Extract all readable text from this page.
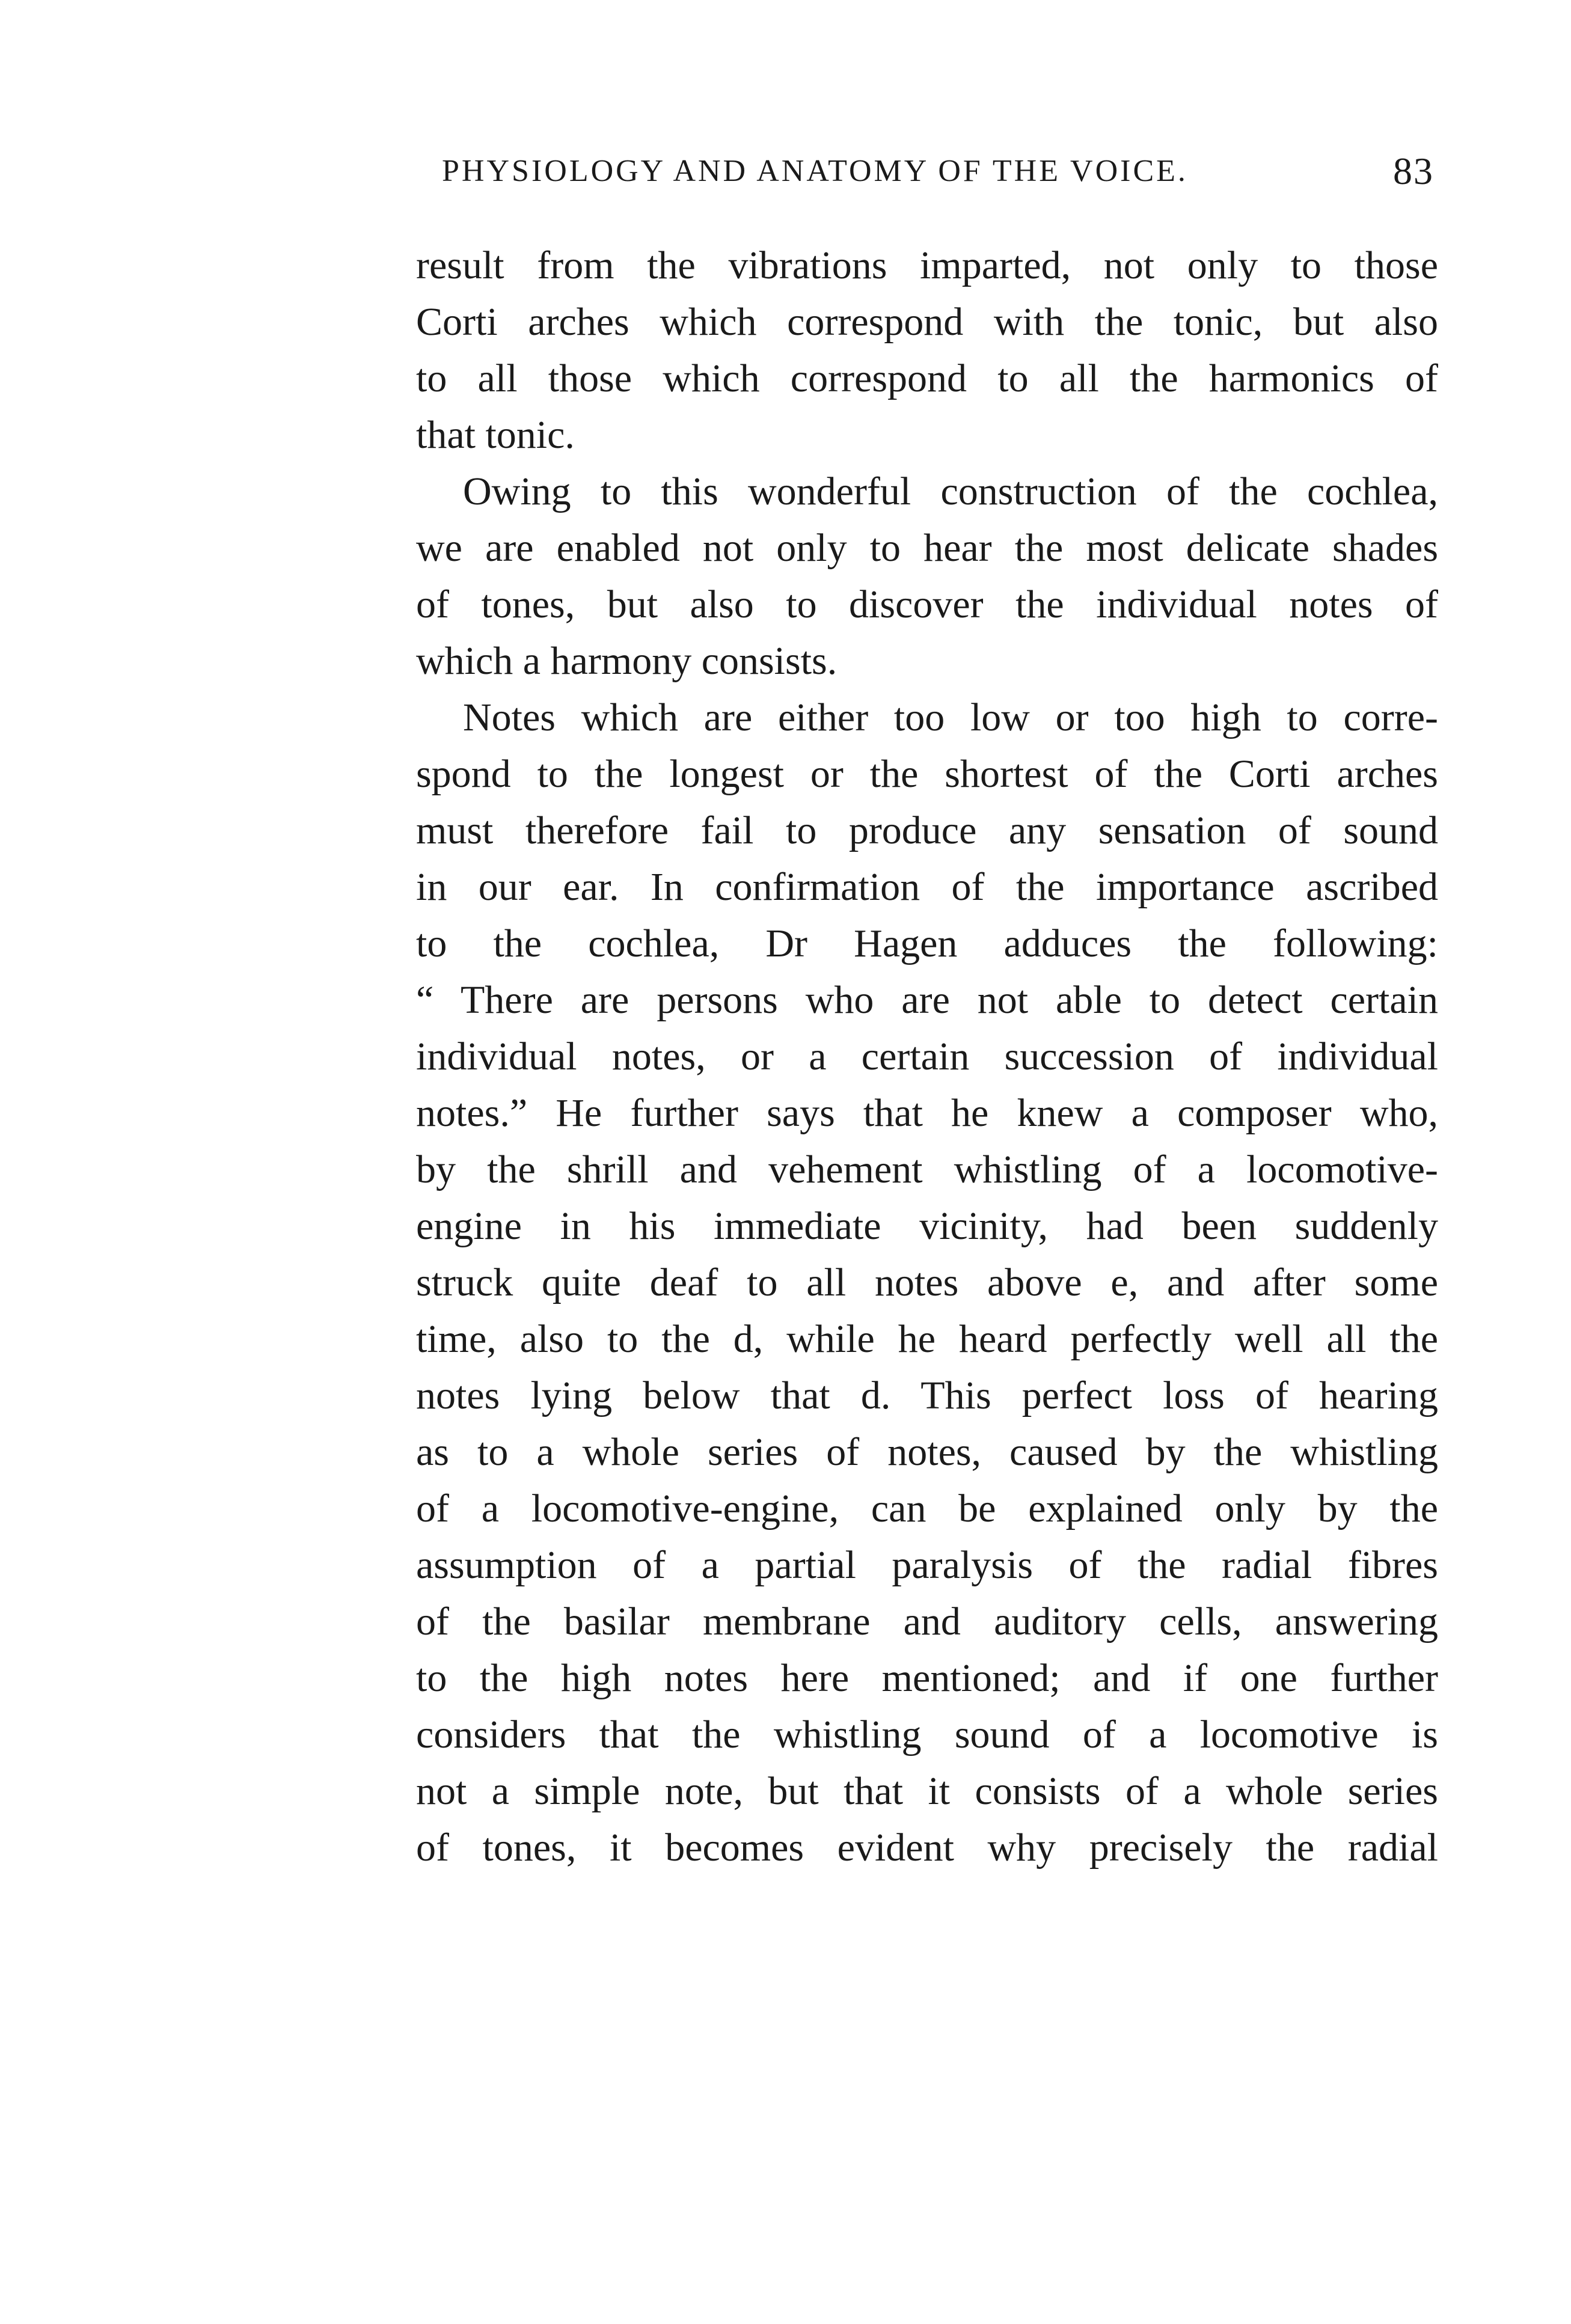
PHYSIOLOGY AND ANATOMY OF THE VOICE.	83

result from the vibrations imparted, not only to those
Corti arches which correspond with the tonic, but also
to all those which correspond to all the harmonics of
that tonic.

Owing to this wonderful construction of the cochlea,
we are enabled not only to hear the most delicate shades
of tones, but also to discover the individual notes of
which a harmony consists.

Notes which are either too low or too high to corre-
spond to the longest or the shortest of the Corti arches
must therefore fail to produce any sensation of sound
in our ear. In confirmation of the importance ascribed
to the cochlea, Dr Hagen adduces the following:
“ There are persons who are not able to detect certain
individual notes, or a certain succession of individual
notes.” He further says that he knew a composer who,
by the shrill and vehement whistling of a locomotive-
engine in his immediate vicinity, had been suddenly
struck quite deaf to all notes above e, and after some
time, also to the d, while he heard perfectly well all the
notes lying below that d. This perfect loss of hearing
as to a whole series of notes, caused by the whistling
of a locomotive-engine, can be explained only by the
assumption of a partial paralysis of the radial fibres
of the basilar membrane and auditory cells, answering
to the high notes here mentioned; and if one further
considers that the whistling sound of a locomotive is
not a simple note, but that it consists of a whole series
of tones, it becomes evident why precisely the radial
